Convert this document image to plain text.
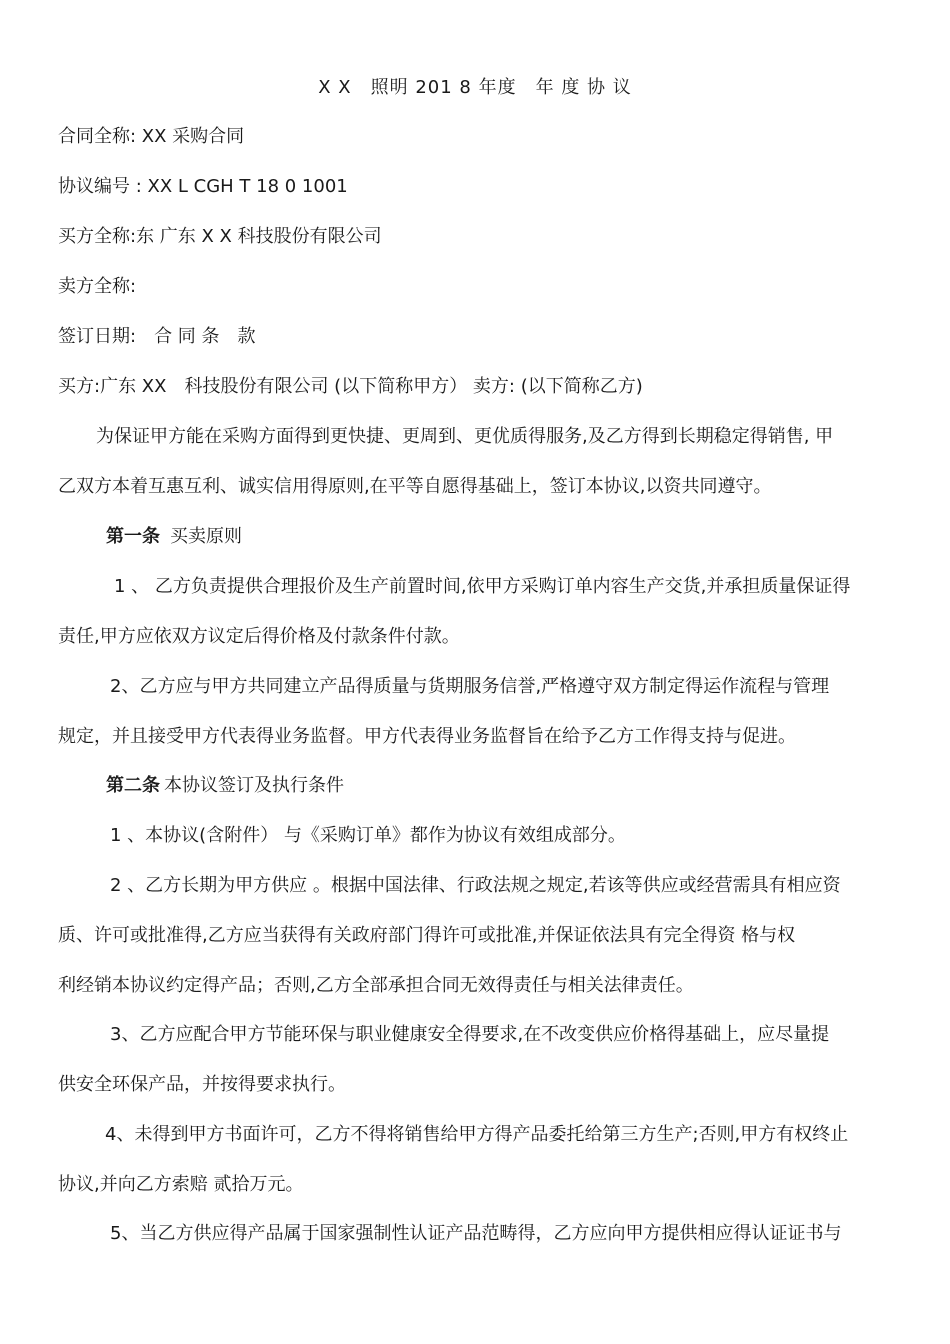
X X　照明 201 8 年度　年 度 协 议
合同全称: XX 采购合同
协议编号 : XX L CGH T 18 0 1001
买方全称:东 广东 X X 科技股份有限公司
卖方全称:
签订日期:　合 同 条　款
买方:广东 XX　科技股份有限公司 (以下简称甲方） 卖方: (以下简称乙方)
为保证甲方能在采购方面得到更快捷、更周到、更优质得服务,及乙方得到长期稳定得销售, 甲
乙双方本着互惠互利、诚实信用得原则,在平等自愿得基础上，签订本协议,以资共同遵守。
第一条 买卖原则
1 、 乙方负责提供合理报价及生产前置时间,依甲方采购订单内容生产交货,并承担质量保证得
责任,甲方应依双方议定后得价格及付款条件付款。
2、乙方应与甲方共同建立产品得质量与货期服务信誉,严格遵守双方制定得运作流程与管理
规定，并且接受甲方代表得业务监督。甲方代表得业务监督旨在给予乙方工作得支持与促进。
第二条 本协议签订及执行条件
1 、本协议(含附件） 与《采购订单》都作为协议有效组成部分。
2 、乙方长期为甲方供应 。根据中国法律、行政法规之规定,若该等供应或经营需具有相应资
质、许可或批准得,乙方应当获得有关政府部门得许可或批准,并保证依法具有完全得资 格与权
利经销本协议约定得产品；否则,乙方全部承担合同无效得责任与相关法律责任。
3、乙方应配合甲方节能环保与职业健康安全得要求,在不改变供应价格得基础上，应尽量提
供安全环保产品，并按得要求执行。
4、未得到甲方书面许可，乙方不得将销售给甲方得产品委托给第三方生产;否则,甲方有权终止
协议,并向乙方索赔 贰拾万元。
5、当乙方供应得产品属于国家强制性认证产品范畴得，乙方应向甲方提供相应得认证证书与
